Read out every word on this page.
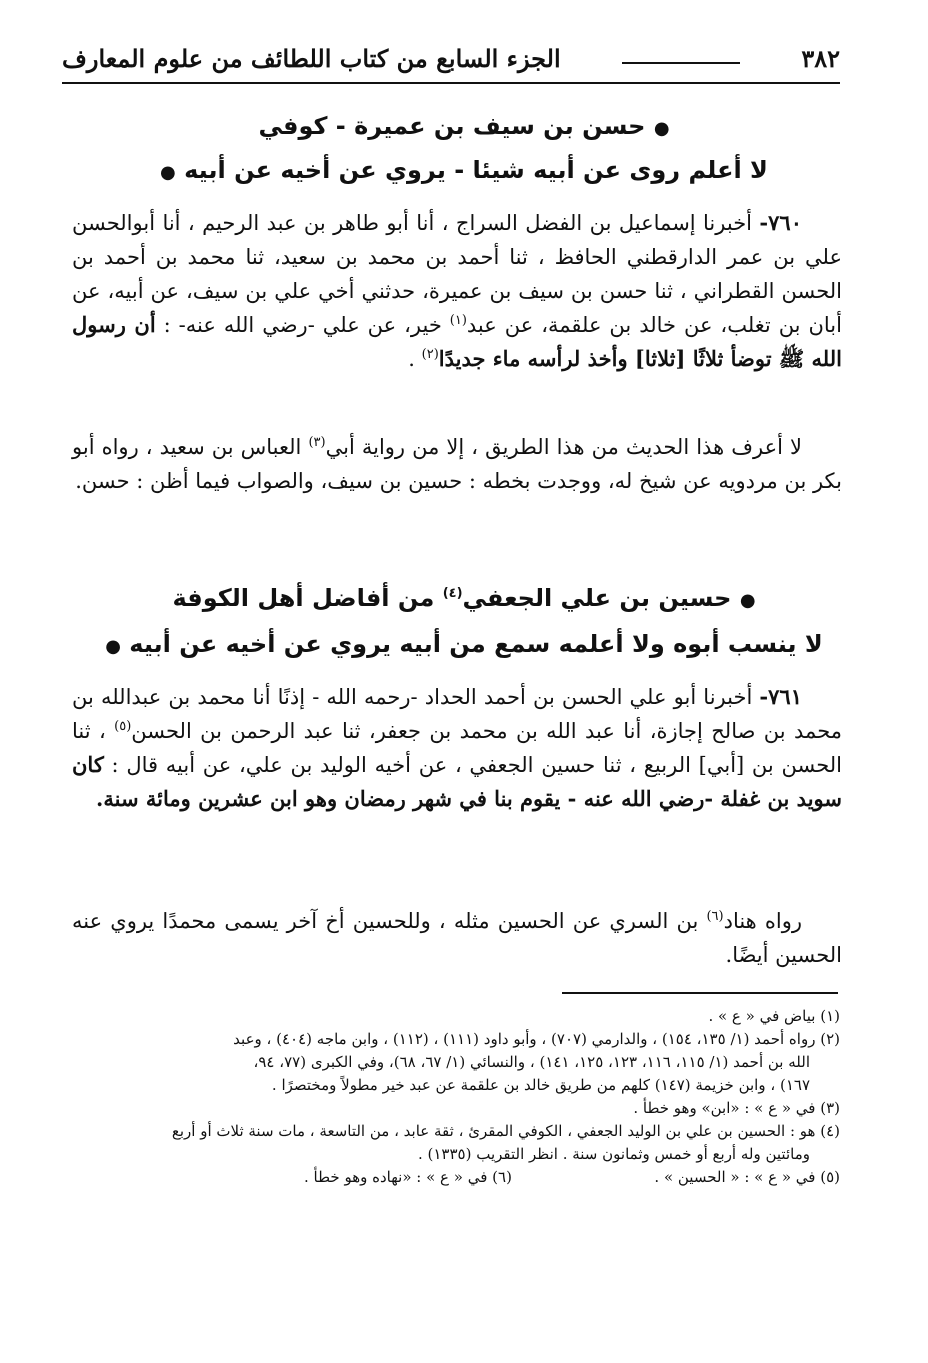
٣٨٢
الجزء السابع من كتاب اللطائف من علوم المعارف
● حسن بن سيف بن عميرة - كوفي
لا أعلم روى عن أبيه شيئا - يروي عن أخيه عن أبيه ●

٧٦٠- أخبرنا إسماعيل بن الفضل السراج ، أنا أبو طاهر بن عبد الرحيم ، أنا أبوالحسن علي بن عمر الدارقطني الحافظ ، ثنا أحمد بن محمد بن سعيد، ثنا محمد بن أحمد بن الحسن القطراني ، ثنا حسن بن سيف بن عميرة، حدثني أخي علي بن سيف، عن أبيه، عن أبان بن تغلب، عن خالد بن علقمة، عن عبد$^{(١)}$ خير، عن علي -رضي الله عنه- : أن رسول الله ﷺ توضأ ثلاثًا [ثلاثا] وأخذ لرأسه ماء جديدًا$^{(٢)}$ .

لا أعرف هذا الحديث من هذا الطريق ، إلا من رواية أبي$^{(٣)}$ العباس بن سعيد ، رواه أبو بكر بن مردويه عن شيخ له، ووجدت بخطه : حسين بن سيف، والصواب فيما أظن : حسن.

● حسين بن علي الجعفي$^{(٤)}$ من أفاضل أهل الكوفة
لا ينسب أبوه ولا أعلمه سمع من أبيه يروي عن أخيه عن أبيه ●

٧٦١- أخبرنا أبو علي الحسن بن أحمد الحداد -رحمه الله - إذنًا أنا محمد بن عبدالله بن محمد بن صالح إجازة، أنا عبد الله بن محمد بن جعفر، ثنا عبد الرحمن بن الحسن$^{(٥)}$ ، ثنا الحسن بن [أبي] الربيع ، ثنا حسين الجعفي ، عن أخيه الوليد بن علي، عن أبيه قال : كان سويد بن غفلة -رضي الله عنه - يقوم بنا في شهر رمضان وهو ابن عشرين ومائة سنة.

رواه هناد$^{(٦)}$ بن السري عن الحسين مثله ، وللحسين أخ آخر يسمى محمدًا يروي عنه الحسين أيضًا.

(١) بياض في « ع » .
(٢) رواه أحمد (١/ ١٣٥، ١٥٤) ، والدارمي (٧٠٧) ، وأبو داود (١١١) ، (١١٢) ، وابن ماجه (٤٠٤) ، وعبد
الله بن أحمد (١/ ١١٥، ١١٦، ١٢٣، ١٢٥، ١٤١) ، والنسائي (١/ ٦٧، ٦٨)، وفي الكبرى (٧٧، ٩٤،
١٦٧) ، وابن خزيمة (١٤٧) كلهم من طريق خالد بن علقمة عن عبد خير مطولاً ومختصرًا .
(٣) في « ع » : «ابن» وهو خطأ .
(٤) هو : الحسين بن علي بن الوليد الجعفي ، الكوفي المقرئ ، ثقة عابد ، من التاسعة ، مات سنة ثلاث أو أربع
ومائتين وله أربع أو خمس وثمانون سنة . انظر التقريب (١٣٣٥) .
(٥) في « ع » : « الحسين » .
(٦) في « ع » : «نهاده وهو خطأ .
